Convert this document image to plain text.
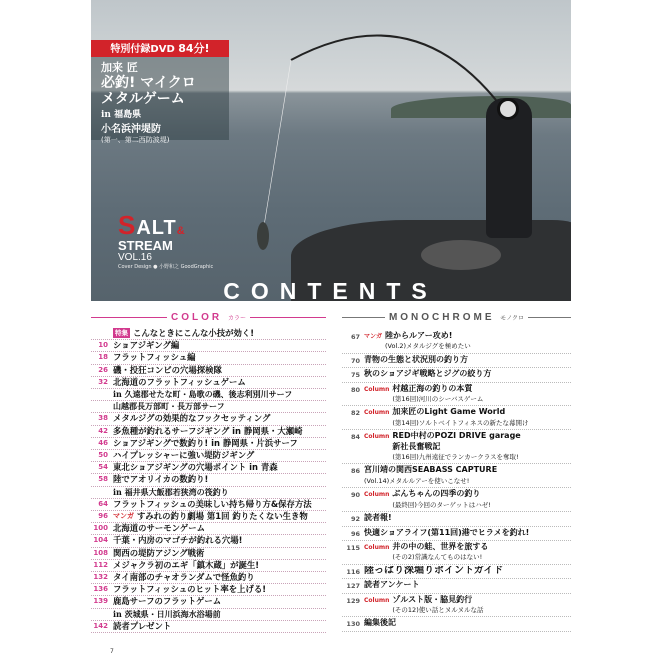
特別付録DVD 84分!
加来 匠
必釣! マイクロ
メタルゲーム
in 福島県
小名浜沖堤防
(第一、第二西防波堤)
SALT&
STREAM
VOL.16
Cover Design ● 小野和之 GoodGraphic
CONTENTS
COLOR カラー	MONOCHROME モノクロ
特集 こんなときにこんな小技が効く!
10 ショアジギング編
18 フラットフィッシュ編
26 磯・投狂コンビの穴場探検隊
32 北海道のフラットフィッシュゲーム
in 久遠郡せたな町・島歌の磯、後志利別川サーフ
山越郡長万部町・長万部サーフ
38 メタルジグの効果的なフックセッティング
42 多魚種が釣れるサーフジギング in 静岡県・大瀬崎
46 ショアジギングで数釣り! in 静岡県・片浜サーフ
50 ハイプレッシャーに強い堤防ジギング
54 東北ショアジギングの穴場ポイント in 青森
58 陸でアオリイカの数釣り!
in 福井県大飯郡若狭湾の筏釣り
64 フラットフィッシュの美味しい持ち帰り方&保存方法
96 マンガ すみれの釣り劇場 第1回 釣りたくない生き物
100 北海道のサーモンゲーム
104 千葉・内房のマゴチが釣れる穴場!
108 関西の堤防アジング戦術
112 メジャクラ初のエギ「鎮木蔵」が誕生!
132 タイ南部のチャオランダムで怪魚釣り
136 フラットフィッシュのヒット率を上げる!
139 鹿島サーフのフラットゲーム
in 茨城県・日川浜海水浴場前
142 読者プレゼント
67 マンガ 陸からルアー攻め!
(Vol.2)メタルジグを極めたい
70 青物の生態と状況別の釣り方
75 秋のショアジギ戦略とジグの絞り方
80 Column 村越正海の釣りの本質
(第16回)河川のシーバスゲーム
82 Column 加来匠のLight Game World
(第14回)ソルトベイトフィネスの新たな幕開け
84 Column RED中村のPOZI DRIVE garage
新社長奮戦記
(第16回)九州遠征でランカークラスを奪取!
86 宮川靖の関西SEABASS CAPTURE
(Vol.14)メタルルアーを使いこなせ!
90 Column ぶんちゃんの四季の釣り
(最終回)今回のターゲットはハゼ!
92 読者報!
96 快適ショアライフ(第11回)港でヒラメを釣れ!
115 Column 井の中の蛙、世界を旅する
(その2)常識なんてものはない!
116 陸っぱり深堀りポイントガイド
127 読者アンケート
129 Column ゾルスト版・脇見釣行
(その12)使い話とヌルヌルな話
130 編集後記
7
